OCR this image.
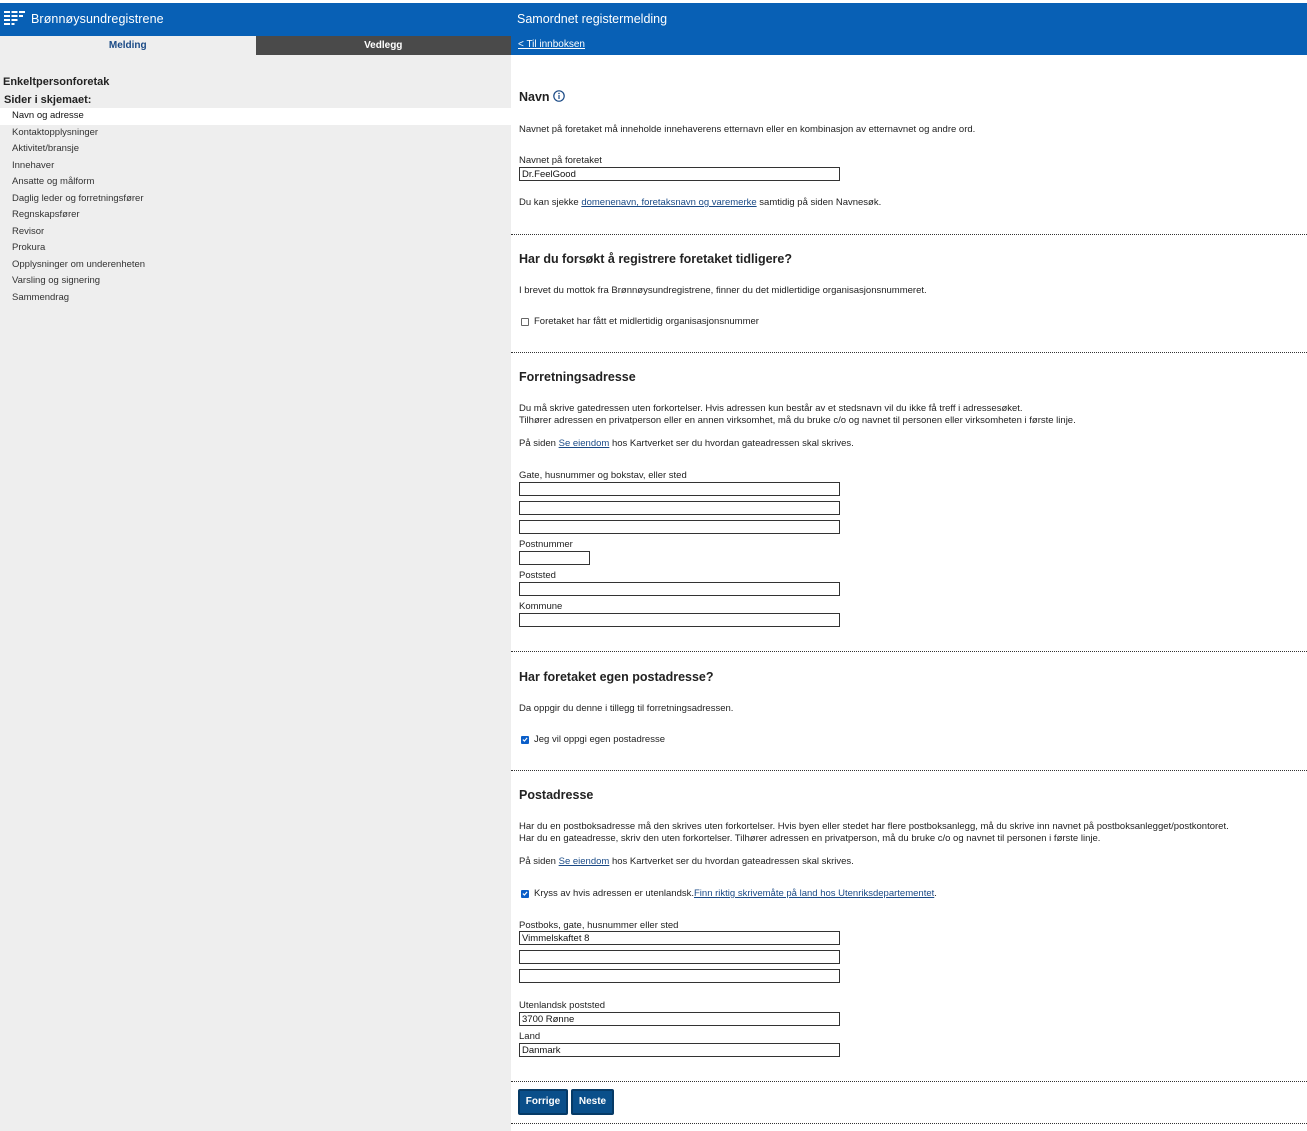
Brønnøysundregistrene
Melding	Vedlegg
Samordnet registermelding
< Til innboksen
Enkeltpersonforetak
Sider i skjemaet:
Navn og adresse
Kontaktopplysninger
Aktivitet/bransje
Innehaver
Ansatte og målform
Daglig leder og forretningsfører
Regnskapsfører
Revisor
Prokura
Opplysninger om underenheten
Varsling og signering
Sammendrag
Navn
Navnet på foretaket må inneholde innehaverens etternavn eller en kombinasjon av etternavnet og andre ord.
Navnet på foretaket
Dr.FeelGood
Du kan sjekke domenenavn, foretaksnavn og varemerke samtidig på siden Navnesøk.
Har du forsøkt å registrere foretaket tidligere?
I brevet du mottok fra Brønnøysundregistrene, finner du det midlertidige organisasjonsnummeret.
Foretaket har fått et midlertidig organisasjonsnummer
Forretningsadresse
Du må skrive gatedressen uten forkortelser. Hvis adressen kun består av et stedsnavn vil du ikke få treff i adressesøket.
Tilhører adressen en privatperson eller en annen virksomhet, må du bruke c/o og navnet til personen eller virksomheten i første linje.
På siden Se eiendom hos Kartverket ser du hvordan gateadressen skal skrives.
Gate, husnummer og bokstav, eller sted
Postnummer
Poststed
Kommune
Har foretaket egen postadresse?
Da oppgir du denne i tillegg til forretningsadressen.
Jeg vil oppgi egen postadresse
Postadresse
Har du en postboksadresse må den skrives uten forkortelser. Hvis byen eller stedet har flere postboksanlegg, må du skrive inn navnet på postboksanlegget/postkontoret.
Har du en gateadresse, skriv den uten forkortelser. Tilhører adressen en privatperson, må du bruke c/o og navnet til personen i første linje.
På siden Se eiendom hos Kartverket ser du hvordan gateadressen skal skrives.
Kryss av hvis adressen er utenlandsk. Finn riktig skrivemåte på land hos Utenriksdepartementet .
Postboks, gate, husnummer eller sted
Vimmelskaftet 8
Utenlandsk poststed
3700 Rønne
Land
Danmark
Forrige	Neste
